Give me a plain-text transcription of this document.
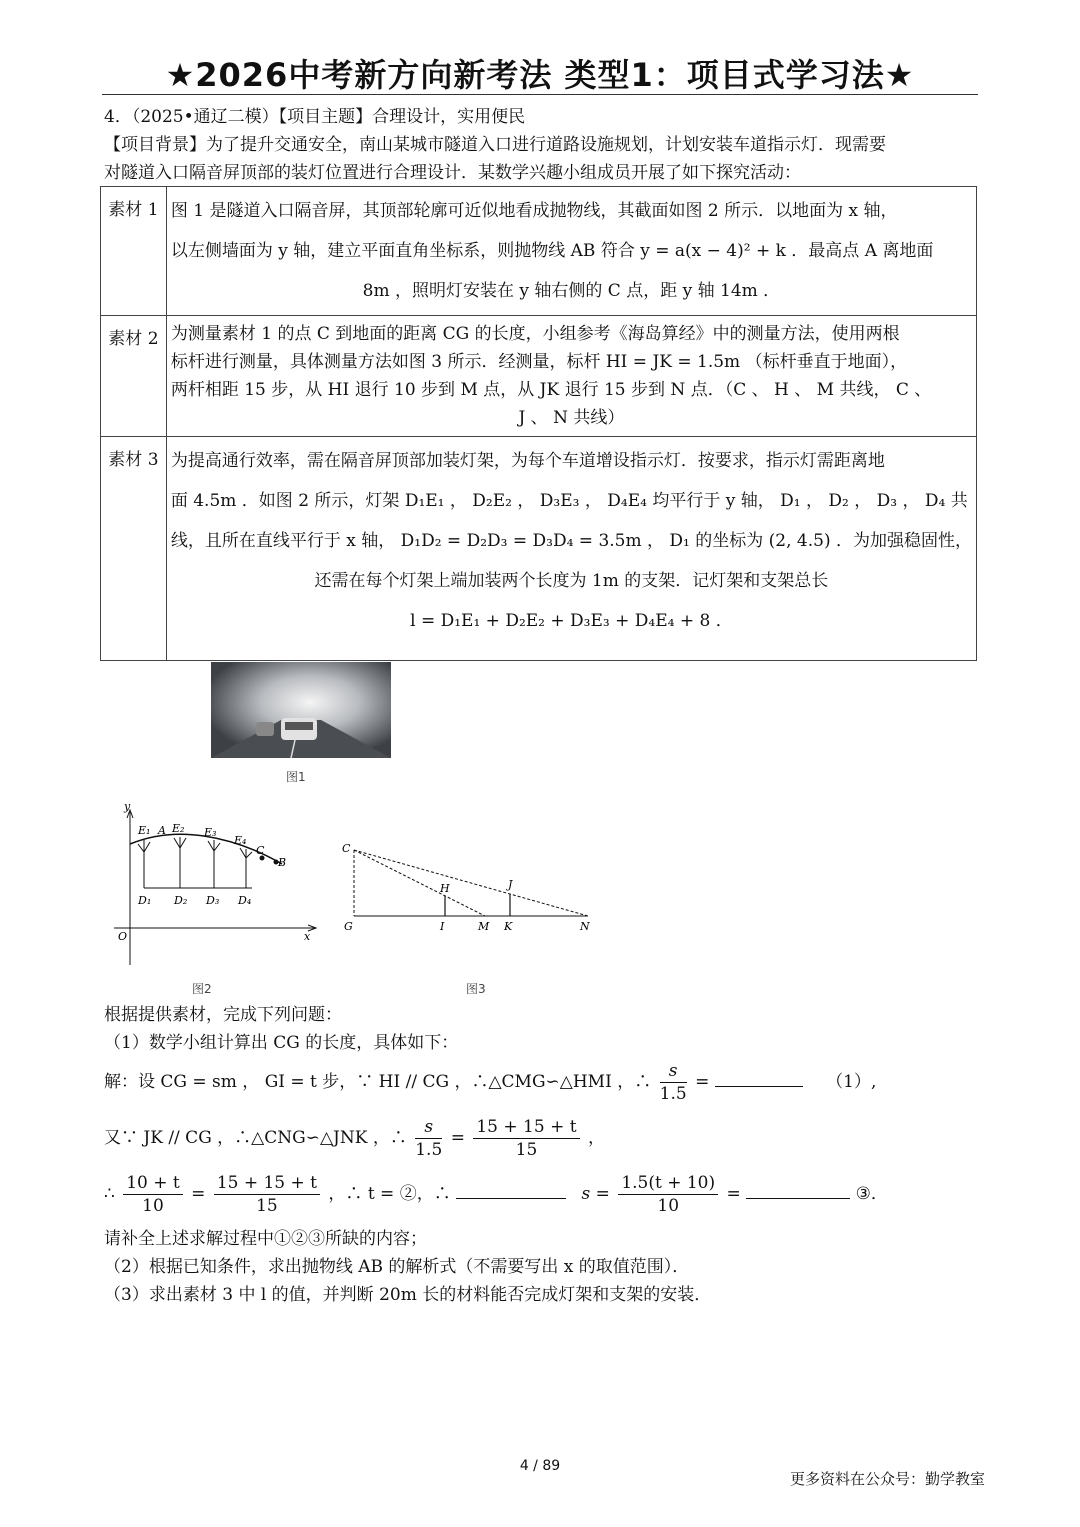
★2026中考新方向新考法 类型1：项目式学习法★
4．（2025•通辽二模）【项目主题】合理设计，实用便民
【项目背景】为了提升交通安全，南山某城市隧道入口进行道路设施规划，计划安装车道指示灯．现需要
对隧道入口隔音屏顶部的装灯位置进行合理设计．某数学兴趣小组成员开展了如下探究活动：
素材 1	图 1 是隧道入口隔音屏，其顶部轮廓可近似地看成抛物线，其截面如图 2 所示．以地面为 x 轴，
以左侧墙面为 y 轴，建立平面直角坐标系，则抛物线 AB 符合 y = a(x − 4)² + k ．最高点 A 离地面
8m ，照明灯安装在 y 轴右侧的 C 点，距 y 轴 14m ．

素材 2	为测量素材 1 的点 C 到地面的距离 CG 的长度，小组参考《海岛算经》中的测量方法，使用两根
标杆进行测量，具体测量方法如图 3 所示．经测量，标杆 HI = JK = 1.5m （标杆垂直于地面），
两杆相距 15 步，从 HI 退行 10 步到 M 点，从 JK 退行 15 步到 N 点．（C 、 H 、 M 共线， C 、
J 、 N 共线）

素材 3	为提高通行效率，需在隔音屏顶部加装灯架，为每个车道增设指示灯．按要求，指示灯需距离地
面 4.5m ．如图 2 所示，灯架 D₁E₁ ， D₂E₂ ， D₃E₃ ， D₄E₄ 均平行于 y 轴， D₁ ， D₂ ， D₃ ， D₄ 共
线，且所在直线平行于 x 轴， D₁D₂ = D₂D₃ = D₃D₄ = 3.5m ， D₁ 的坐标为 (2, 4.5) ．为加强稳固性，
还需在每个灯架上端加装两个长度为 1m 的支架．记灯架和支架总长
l = D₁E₁ + D₂E₂ + D₃E₃ + D₄E₄ + 8 ．
图1
y
x
O
E₁ A E₂ E₃
E₄
C
B
D₁ D₂ D₃ D₄
图2
C
G
H
I	M
J
K	N
图3
根据提供素材，完成下列问题：
（1）数学小组计算出 CG 的长度，具体如下：
解：设 CG = sm ， GI = t 步，∵ HI // CG ，∴△CMG∽△HMI ，∴ $\frac{s}{1.5}$ =	（1）,
又∵ JK // CG ，∴△CNG∽△JNK ，∴ $\frac{s}{1.5} = \frac{15 + 15 + t}{15}$ ，
∴ $\frac{10 + t}{10} = \frac{15 + 15 + t}{15}$ ，∴ t = ②，∴	$s = \frac{1.5(t + 10)}{10}$ =	③．
请补全上述求解过程中①②③所缺的内容；
（2）根据已知条件，求出抛物线 AB 的解析式（不需要写出 x 的取值范围）．
（3）求出素材 3 中 l 的值，并判断 20m 长的材料能否完成灯架和支架的安装．
4 / 89
更多资料在公众号：勤学教室
